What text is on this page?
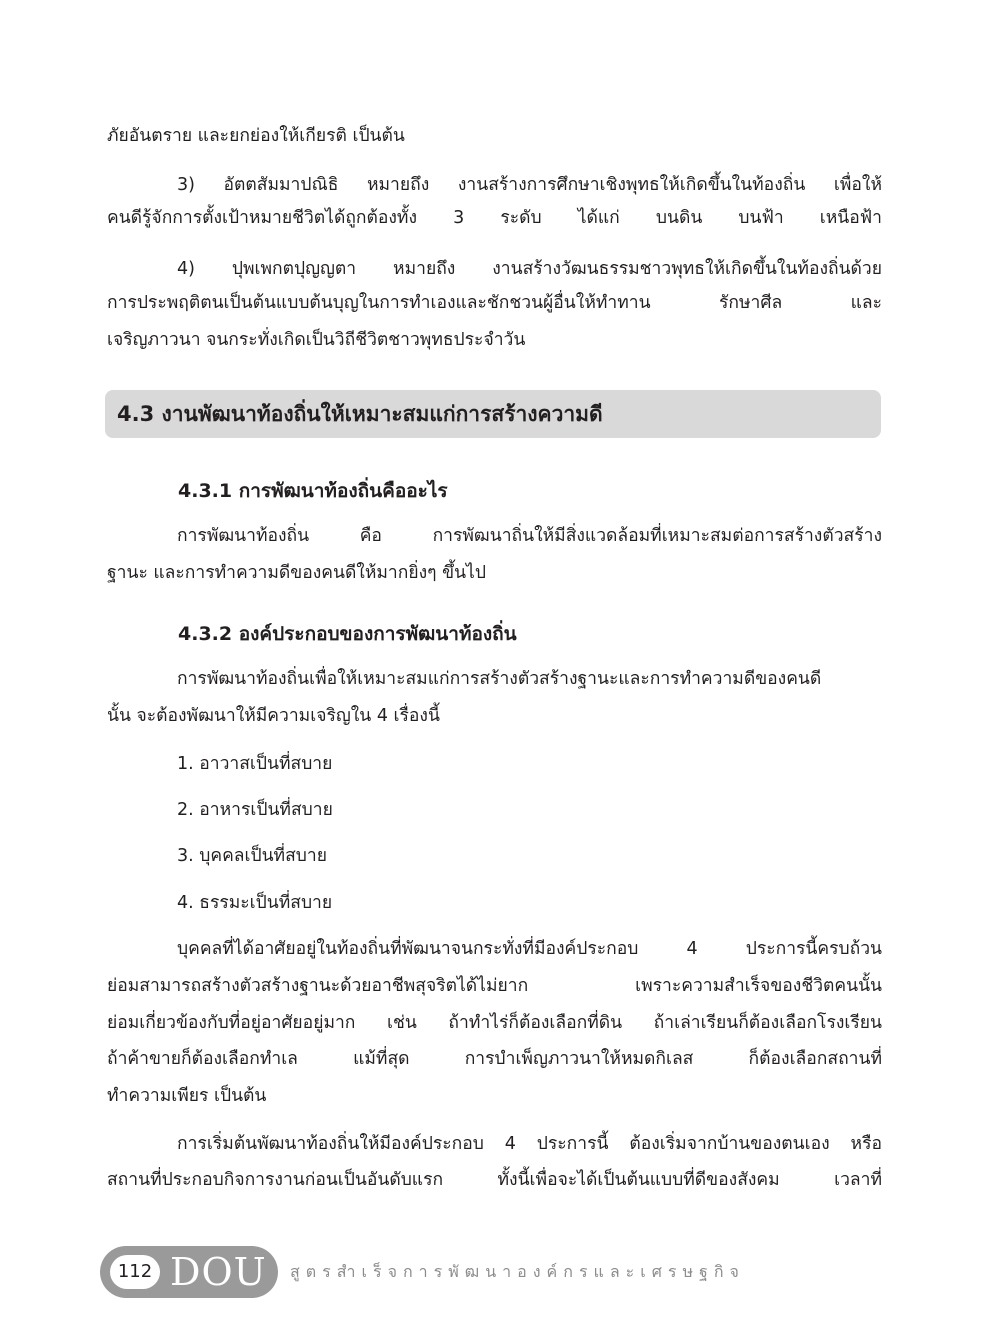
ภัยอันตราย และยกย่องให้เกียรติ เป็นต้น
3) อัตตสัมมาปณิธิ หมายถึง งานสร้างการศึกษาเชิงพุทธให้เกิดขึ้นในท้องถิ่น เพื่อให้
คนดีรู้จักการตั้งเป้าหมายชีวิตได้ถูกต้องทั้ง 3 ระดับ ได้แก่ บนดิน บนฟ้า เหนือฟ้า
4) ปุพเพกตปุญญตา หมายถึง งานสร้างวัฒนธรรมชาวพุทธให้เกิดขึ้นในท้องถิ่นด้วย
การประพฤติตนเป็นต้นแบบต้นบุญในการทำเองและชักชวนผู้อื่นให้ทำทาน รักษาศีล และ
เจริญภาวนา จนกระทั่งเกิดเป็นวิถีชีวิตชาวพุทธประจำวัน
4.3 งานพัฒนาท้องถิ่นให้เหมาะสมแก่การสร้างความดี
4.3.1 การพัฒนาท้องถิ่นคืออะไร
การพัฒนาท้องถิ่น คือ การพัฒนาถิ่นให้มีสิ่งแวดล้อมที่เหมาะสมต่อการสร้างตัวสร้าง
ฐานะ และการทำความดีของคนดีให้มากยิ่งๆ ขึ้นไป
4.3.2 องค์ประกอบของการพัฒนาท้องถิ่น
การพัฒนาท้องถิ่นเพื่อให้เหมาะสมแก่การสร้างตัวสร้างฐานะและการทำความดีของคนดี
นั้น จะต้องพัฒนาให้มีความเจริญใน 4 เรื่องนี้
1. อาวาสเป็นที่สบาย
2. อาหารเป็นที่สบาย
3. บุคคลเป็นที่สบาย
4. ธรรมะเป็นที่สบาย
บุคคลที่ได้อาศัยอยู่ในท้องถิ่นที่พัฒนาจนกระทั่งที่มีองค์ประกอบ 4 ประการนี้ครบถ้วน
ย่อมสามารถสร้างตัวสร้างฐานะด้วยอาชีพสุจริตได้ไม่ยาก เพราะความสำเร็จของชีวิตคนนั้น
ย่อมเกี่ยวข้องกับที่อยู่อาศัยอยู่มาก เช่น ถ้าทำไร่ก็ต้องเลือกที่ดิน ถ้าเล่าเรียนก็ต้องเลือกโรงเรียน
ถ้าค้าขายก็ต้องเลือกทำเล แม้ที่สุด การบำเพ็ญภาวนาให้หมดกิเลส ก็ต้องเลือกสถานที่
ทำความเพียร เป็นต้น
การเริ่มต้นพัฒนาท้องถิ่นให้มีองค์ประกอบ 4 ประการนี้ ต้องเริ่มจากบ้านของตนเอง หรือ
สถานที่ประกอบกิจการงานก่อนเป็นอันดับแรก ทั้งนี้เพื่อจะได้เป็นต้นแบบที่ดีของสังคม เวลาที่
112 DOU สูตรสำเร็จการพัฒนาองค์กรและเศรษฐกิจ
